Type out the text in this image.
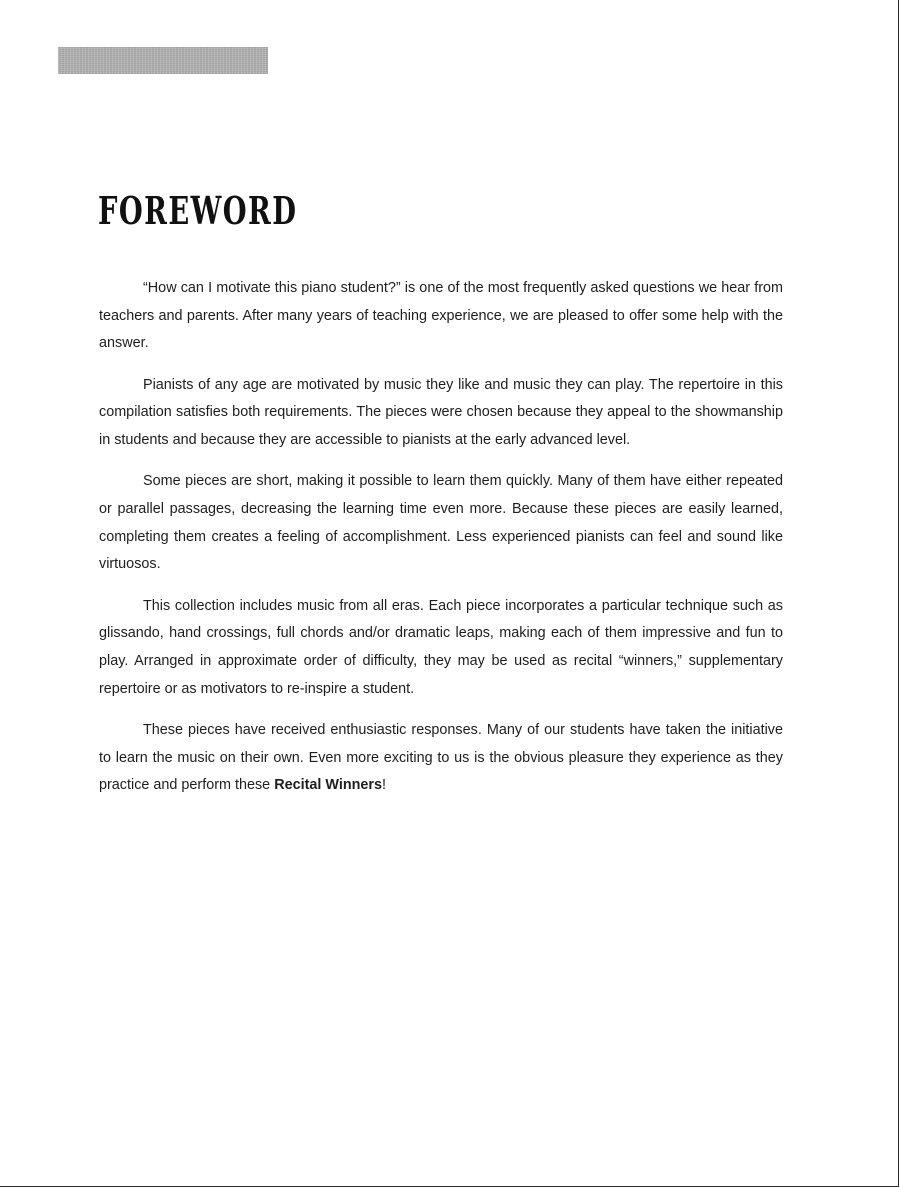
FOREWORD

“How can I motivate this piano student?” is one of the most frequently asked questions we hear from teachers and parents. After many years of teaching experience, we are pleased to offer some help with the answer.

Pianists of any age are motivated by music they like and music they can play. The repertoire in this compilation satisfies both requirements. The pieces were chosen because they appeal to the showmanship in students and because they are accessible to pianists at the early advanced level.

Some pieces are short, making it possible to learn them quickly. Many of them have either repeated or parallel passages, decreasing the learning time even more. Because these pieces are easily learned, completing them creates a feeling of accomplishment. Less experienced pianists can feel and sound like virtuosos.

This collection includes music from all eras. Each piece incorporates a particular technique such as glissando, hand crossings, full chords and/or dramatic leaps, making each of them impressive and fun to play. Arranged in approximate order of difficulty, they may be used as recital “winners,” supplementary repertoire or as motivators to re-inspire a student.

These pieces have received enthusiastic responses. Many of our students have taken the initiative to learn the music on their own. Even more exciting to us is the obvious pleasure they experience as they practice and perform these Recital Winners!
